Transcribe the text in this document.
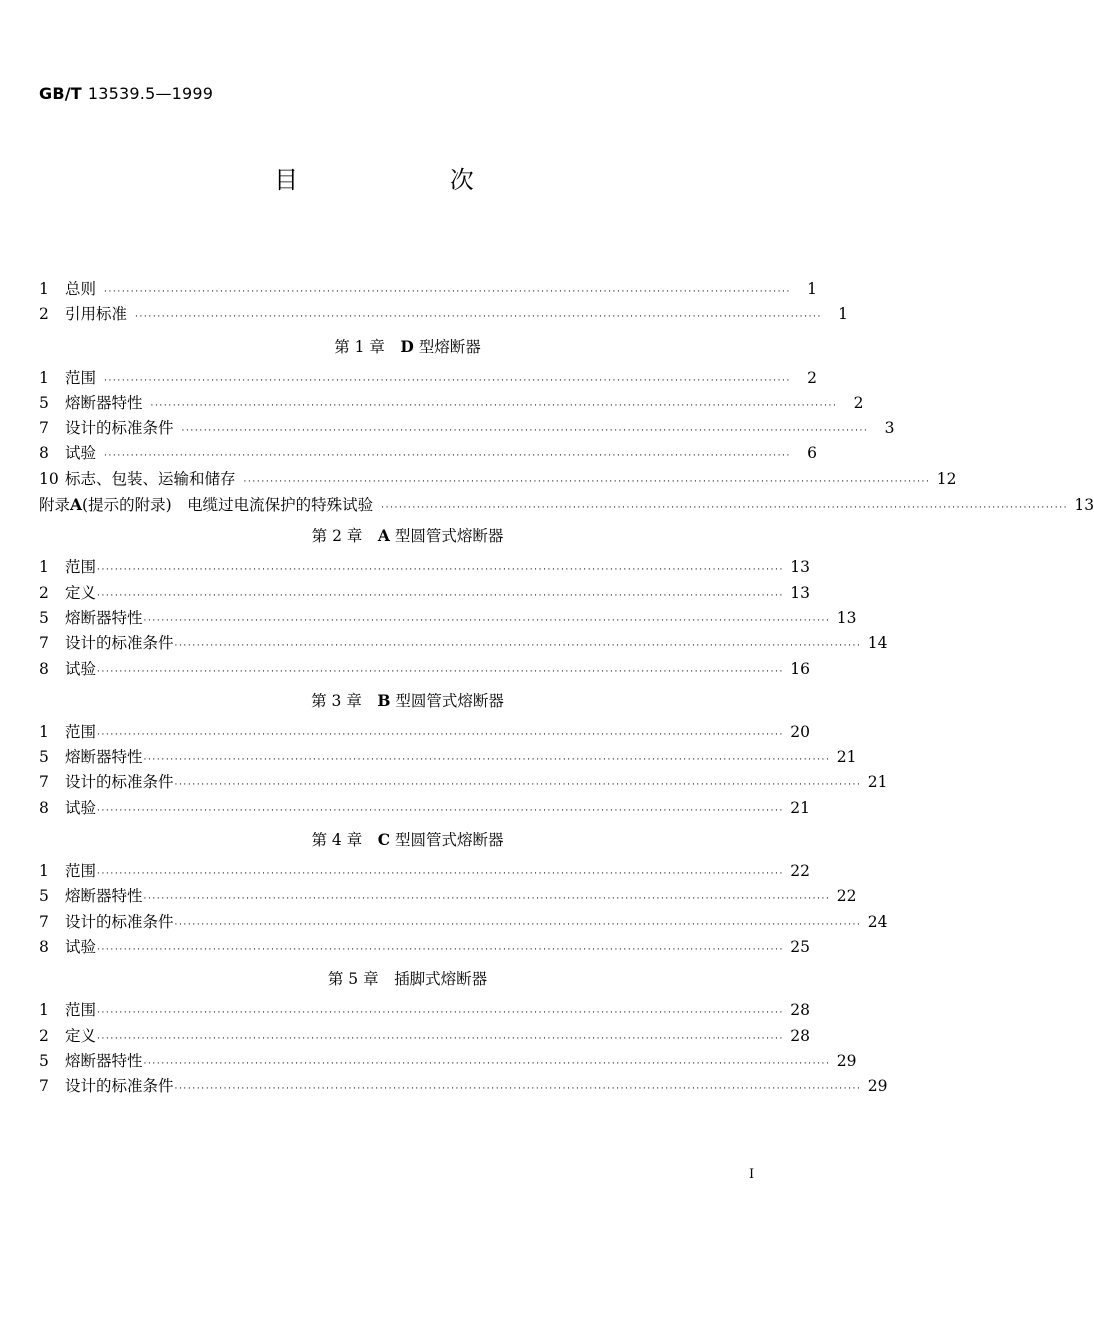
GB/T 13539.5—1999
目 次
1 总则 ··························································································································································	1
2 引用标准 ··························································································································································	1
第 1 章  D 型熔断器
1 范围 ··························································································································································	2
5 熔断器特性 ··························································································································································	2
7 设计的标准条件 ··························································································································································	3
8 试验 ··························································································································································	6
10 标志、包装、运输和储存 ·························································································································································· 12
附录A(提示的附录)　电缆过电流保护的特殊试验 ·························································································································································· 13
第 2 章  A 型圆管式熔断器
1 范围 ·························································································································································· 13
2 定义 ·························································································································································· 13
5 熔断器特性 ·························································································································································· 13
7 设计的标准条件 ·························································································································································· 14
8 试验 ·························································································································································· 16
第 3 章  B 型圆管式熔断器
1 范围 ·························································································································································· 20
5 熔断器特性 ·························································································································································· 21
7 设计的标准条件 ·························································································································································· 21
8 试验 ·························································································································································· 21
第 4 章  C 型圆管式熔断器
1 范围 ·························································································································································· 22
5 熔断器特性 ·························································································································································· 22
7 设计的标准条件 ·························································································································································· 24
8 试验 ·························································································································································· 25
第 5 章  插脚式熔断器
1 范围 ·························································································································································· 28
2 定义 ·························································································································································· 28
5 熔断器特性 ·························································································································································· 29
7 设计的标准条件 ·························································································································································· 29
I
